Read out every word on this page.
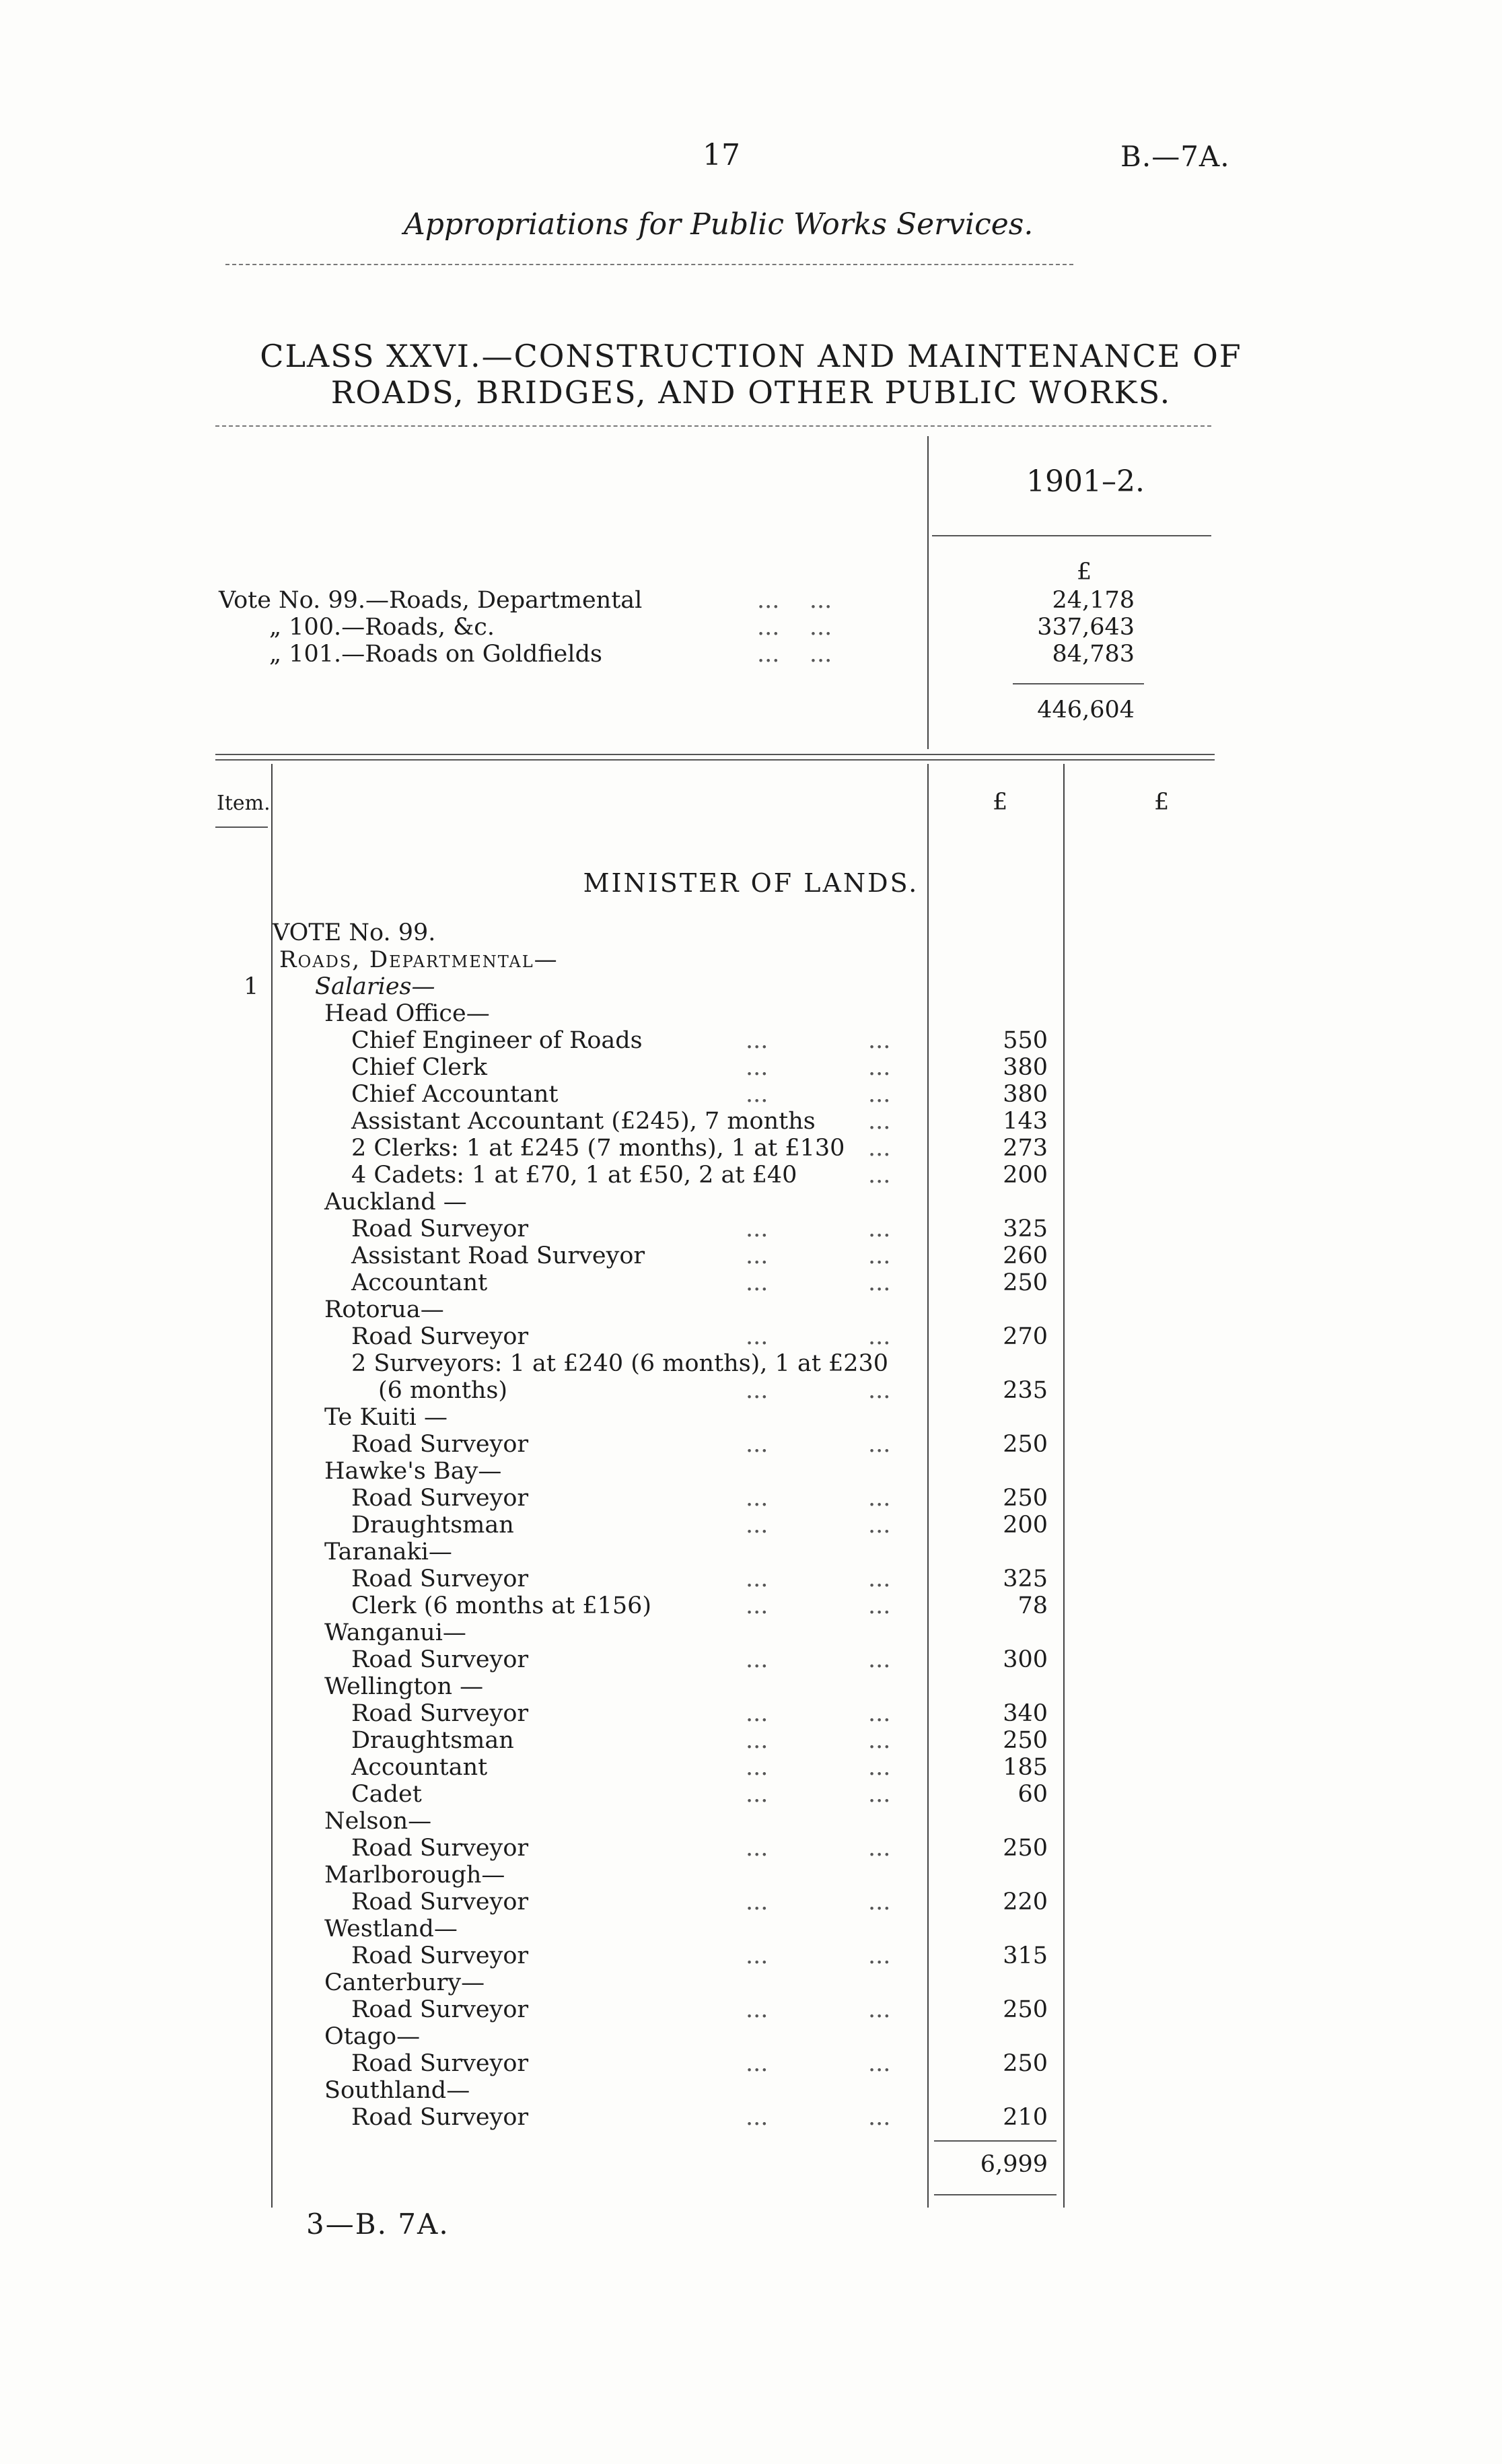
17	B.—7A.
Appropriations for Public Works Services.
CLASS XXVI.—CONSTRUCTION AND MAINTENANCE OF
ROADS, BRIDGES, AND OTHER PUBLIC WORKS.
1901–2.
£
Vote No. 99.—Roads, Departmental	...    ...	24,178
„ 100.—Roads, &c.	...    ...	337,643
„ 101.—Roads on Goldfields	...    ...	84,783
446,604
Item.	£	£
MINISTER OF LANDS.
VOTE No. 99.
Roads, Departmental—
1 Salaries—
Head Office—
Chief Engineer of Roads	...	...	550
Chief Clerk	...	...	380
Chief Accountant	...	...	380
Assistant Accountant (£245), 7 months ...	143
2 Clerks: 1 at £245 (7 months), 1 at £130 ...	273
4 Cadets: 1 at £70, 1 at £50, 2 at £40	...	200
Auckland —
Road Surveyor	...	...	325
Assistant Road Surveyor	...	...	260
Accountant	...	...	250
Rotorua—
Road Surveyor	...	...	270
2 Surveyors: 1 at £240 (6 months), 1 at £230
(6 months)	...	...	235
Te Kuiti —
Road Surveyor	...	...	250
Hawke's Bay—
Road Surveyor	...	...	250
Draughtsman	...	...	200
Taranaki—
Road Surveyor	...	...	325
Clerk (6 months at £156)	...	...	78
Wanganui—
Road Surveyor	...	...	300
Wellington —
Road Surveyor	...	...	340
Draughtsman	...	...	250
Accountant	...	...	185
Cadet	...	...	60
Nelson—
Road Surveyor	...	...	250
Marlborough—
Road Surveyor	...	...	220
Westland—
Road Surveyor	...	...	315
Canterbury—
Road Surveyor	...	...	250
Otago—
Road Surveyor	...	...	250
Southland—
Road Surveyor	...	...	210
6,999
3—B. 7A.
